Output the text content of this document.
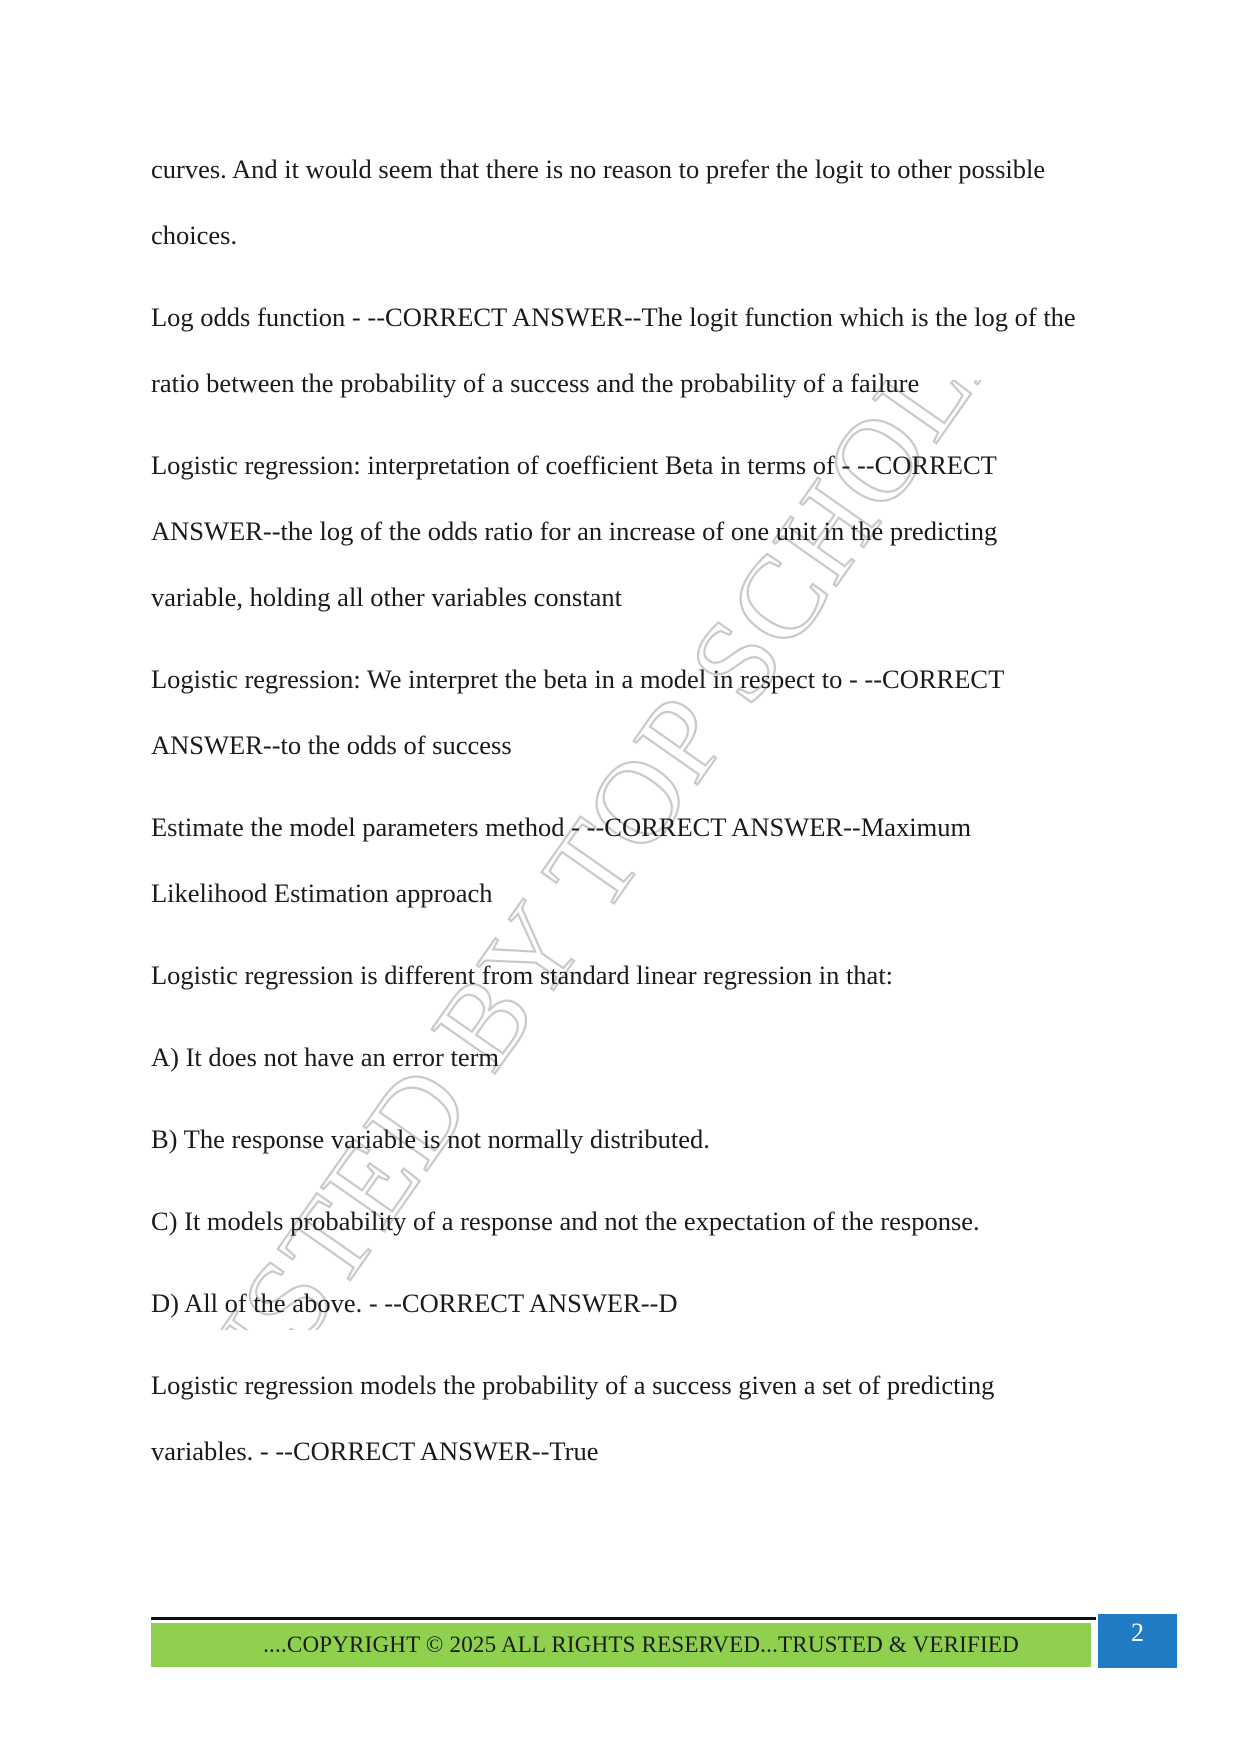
TRUSTED BY TOP SCHOLARS

curves. And it would seem that there is no reason to prefer the logit to other possible choices.

Log odds function - --CORRECT ANSWER--The logit function which is the log of the ratio between the probability of a success and the probability of a failure

Logistic regression: interpretation of coefficient Beta in terms of - --CORRECT ANSWER--the log of the odds ratio for an increase of one unit in the predicting variable, holding all other variables constant

Logistic regression: We interpret the beta in a model in respect to - --CORRECT ANSWER--to the odds of success

Estimate the model parameters method - --CORRECT ANSWER--Maximum Likelihood Estimation approach

Logistic regression is different from standard linear regression in that:

A) It does not have an error term

B) The response variable is not normally distributed.

C) It models probability of a response and not the expectation of the response.

D) All of the above. - --CORRECT ANSWER--D

Logistic regression models the probability of a success given a set of predicting variables. - --CORRECT ANSWER--True

....COPYRIGHT © 2025 ALL RIGHTS RESERVED...TRUSTED & VERIFIED	2
